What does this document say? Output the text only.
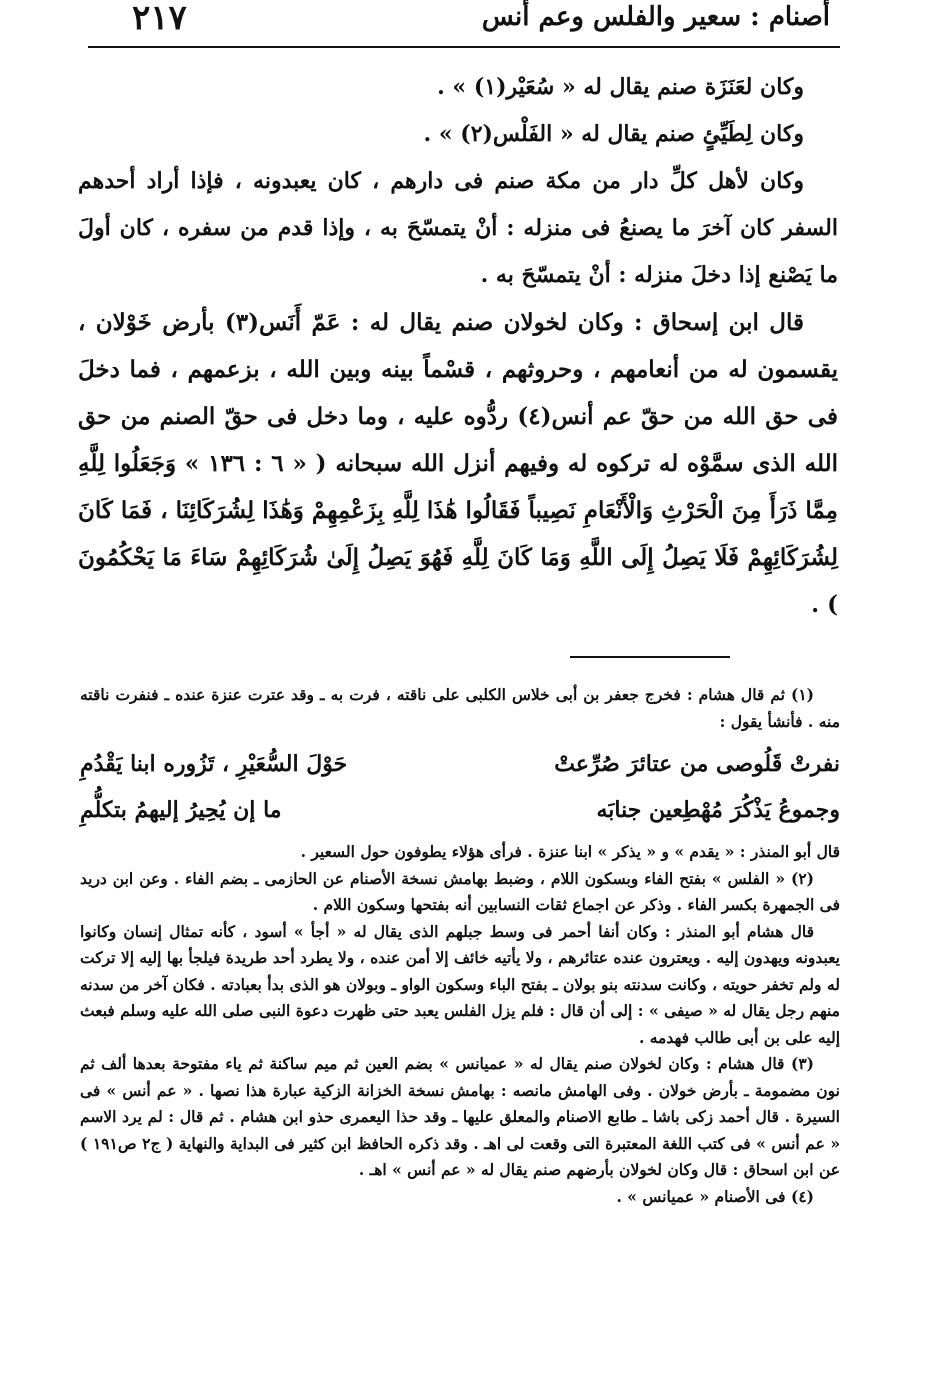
أصنام : سعير والفلس وعم أنس
٢١٧

وكان لعَنَزَة صنم يقال له « سُعَيْر(١) » .

وكان لِطَيِّئٍ صنم يقال له « الفَلْس(٢) » .

وكان لأهل كلِّ دار من مكة صنم فى دارهم ، كان يعبدونه ، فإذا أراد أحدهم السفر كان آخرَ ما يصنعُ فى منزله : أنْ يتمسّحَ به ، وإذا قدم من سفره ، كان أولَ ما يَصْنع إذا دخلَ منزله : أنْ يتمسّحَ به .

قال ابن إسحاق : وكان لخولان صنم يقال له : عَمّ أَنَس(٣) بأرض خَوْلان ، يقسمون له من أنعامهم ، وحروثهم ، قسْماً بينه وبين الله ، بزعمهم ، فما دخلَ فى حق الله من حقّ عم أنس(٤) ردُّوه عليه ، وما دخل فى حقّ الصنم من حق الله الذى سمَّوْه له تركوه له وفيهم أنزل الله سبحانه ( « ٦ : ١٣٦ » وَجَعَلُوا لِلَّهِ مِمَّا ذَرَأَ مِنَ الْحَرْثِ وَالْأَنْعَامِ نَصِيباً فَقَالُوا هَٰذَا لِلَّهِ بِزَعْمِهِمْ وَهَٰذَا لِشُرَكَائِنَا ، فَمَا كَانَ لِشُرَكَائِهِمْ فَلَا يَصِلُ إِلَى اللَّهِ وَمَا كَانَ لِلَّهِ فَهُوَ يَصِلُ إِلَىٰ شُرَكَائِهِمْ سَاءَ مَا يَحْكُمُونَ ) .

(١) ثم قال هشام : فخرج جعفر بن أبى خلاس الكلبى على ناقته ، فرت به ـ وقد عترت عنزة عنده ـ فنفرت ناقته منه . فأنشأ يقول :

نفرتْ قَلُوصى من عتائرَ صُرِّعتْ
حَوْلَ السُّعَيْرِ ، تَزُوره ابنا يَقْدُمِ
وجموعُ يَذْكُرَ مُهْطِعين جنابَه
ما إن يُحِيرُ إليهمُ بتكلُّمِ

قال أبو المنذر : « يقدم » و « يذكر » ابنا عنزة . فرأى هؤلاء يطوفون حول السعير .

(٢) « الفلس » بفتح الفاء وبسكون اللام ، وضبط بهامش نسخة الأصنام عن الحازمى ـ بضم الفاء . وعن ابن دريد فى الجمهرة بكسر الفاء . وذكر عن اجماع ثقات النسابين أنه بفتحها وسكون اللام .

قال هشام أبو المنذر : وكان أنفا أحمر فى وسط جبلهم الذى يقال له « أجأ » أسود ، كأنه تمثال إنسان وكانوا يعبدونه ويهدون إليه . ويعترون عنده عتائرهم ، ولا يأتيه خائف إلا أمن عنده ، ولا يطرد أحد طريدة فيلجأ بها إليه إلا تركت له ولم تخفر حويته ، وكانت سدنته بنو بولان ـ بفتح الباء وسكون الواو ـ وبولان هو الذى بدأ بعبادته . فكان آخر من سدنه منهم رجل يقال له « صيفى » : إلى أن قال : فلم يزل الفلس يعبد حتى ظهرت دعوة النبى صلى الله عليه وسلم فبعث إليه على بن أبى طالب فهدمه .

(٣) قال هشام : وكان لخولان صنم يقال له « عميانس » بضم العين ثم ميم ساكنة ثم ياء مفتوحة بعدها ألف ثم نون مضمومة ـ بأرض خولان . وفى الهامش مانصه : بهامش نسخة الخزانة الزكية عبارة هذا نصها . « عم أنس » فى السيرة . قال أحمد زكى باشا ـ طابع الاصنام والمعلق عليها ـ وقد حذا اليعمرى حذو ابن هشام . ثم قال : لم يرد الاسم « عم أنس » فى كتب اللغة المعتبرة التى وقعت لى اهـ . وقد ذكره الحافظ ابن كثير فى البداية والنهاية ( ج٢ ص١٩١ ) عن ابن اسحاق : قال وكان لخولان بأرضهم صنم يقال له « عم أنس » اهـ .

(٤) فى الأصنام « عميانس » .
